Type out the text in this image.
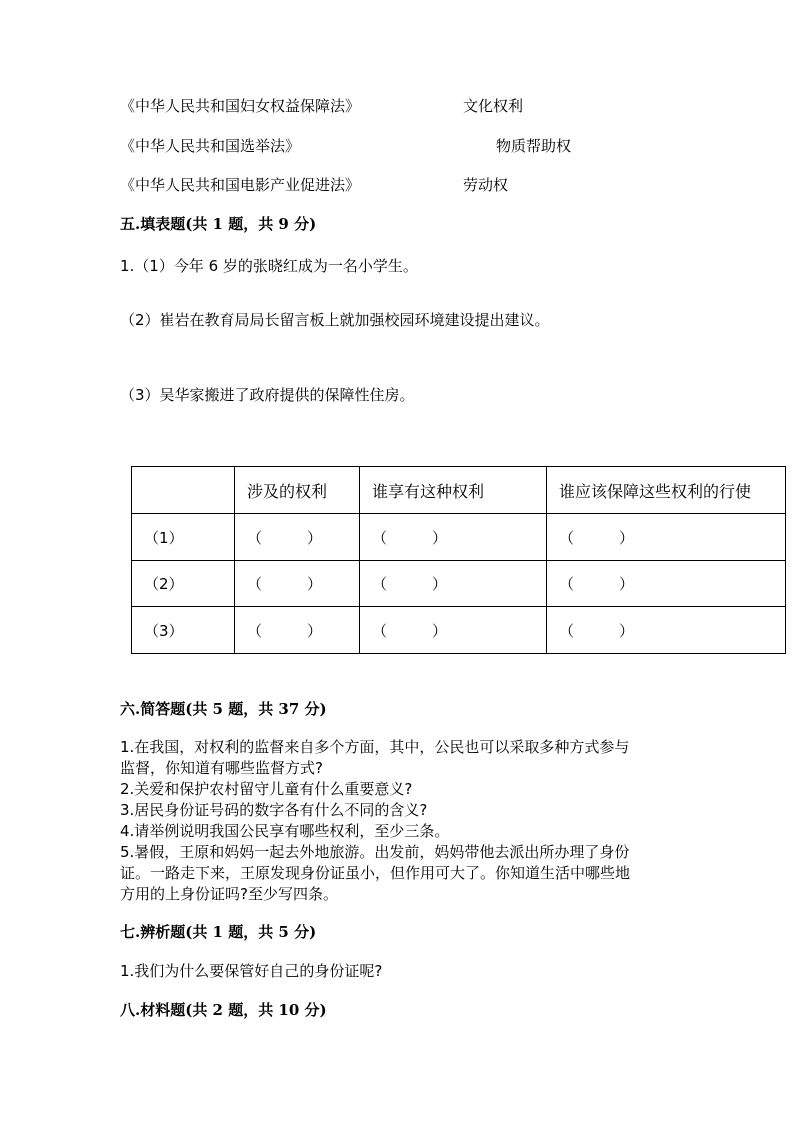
《中华人民共和国妇女权益保障法》	文化权利
《中华人民共和国选举法》	物质帮助权
《中华人民共和国电影产业促进法》	劳动权
五.填表题(共 1 题，共 9 分)
1.（1）今年 6 岁的张晓红成为一名小学生。
（2）崔岩在教育局局长留言板上就加强校园环境建设提出建议。
（3）吴华家搬进了政府提供的保障性住房。
	涉及的权利	谁享有这种权利	谁应该保障这些权利的行使
（1）	（　　　）	（　　　）	（　　　）
（2）	（　　　）	（　　　）	（　　　）
（3）	（　　　）	（　　　）	（　　　）
六.简答题(共 5 题，共 37 分)
1.在我国，对权利的监督来自多个方面，其中，公民也可以采取多种方式参与
监督，你知道有哪些监督方式?
2.关爱和保护农村留守儿童有什么重要意义?
3.居民身份证号码的数字各有什么不同的含义?
4.请举例说明我国公民享有哪些权利，至少三条。
5.暑假，王原和妈妈一起去外地旅游。出发前，妈妈带他去派出所办理了身份
证。一路走下来，王原发现身份证虽小，但作用可大了。你知道生活中哪些地
方用的上身份证吗?至少写四条。
七.辨析题(共 1 题，共 5 分)
1.我们为什么要保管好自己的身份证呢?
八.材料题(共 2 题，共 10 分)
